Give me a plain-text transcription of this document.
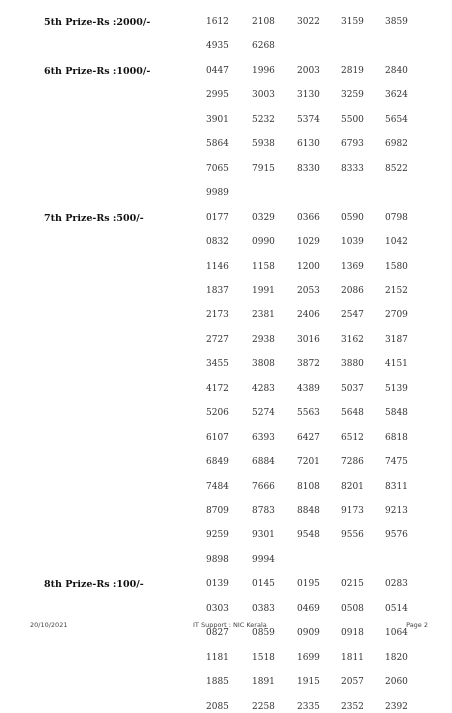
5th Prize-Rs :2000/-	1612	2108 3022 3159 3859
4935	6268
6th Prize-Rs :1000/-	0447	1996 2003 2819 2840
2995	3003 3130 3259 3624
3901	5232 5374 5500 5654
5864	5938 6130 6793 6982
7065	7915 8330 8333 8522
9989
7th Prize-Rs :500/-	0177	0329 0366 0590 0798
0832	0990 1029 1039 1042
1146	1158 1200 1369 1580
1837	1991 2053 2086 2152
2173	2381 2406 2547 2709
2727	2938 3016 3162 3187
3455	3808 3872 3880 4151
4172	4283 4389 5037 5139
5206	5274 5563 5648 5848
6107	6393 6427 6512 6818
6849	6884 7201 7286 7475
7484	7666 8108 8201 8311
8709	8783 8848 9173 9213
9259	9301 9548 9556 9576
9898	9994
8th Prize-Rs :100/-	0139	0145 0195 0215 0283
0303	0383 0469 0508 0514
0827	0859 0909 0918 1064
1181	1518 1699 1811 1820
1885	1891 1915 2057 2060
2085	2258 2335 2352 2392
20/10/2021	IT Support : NIC Kerala	Page 2
